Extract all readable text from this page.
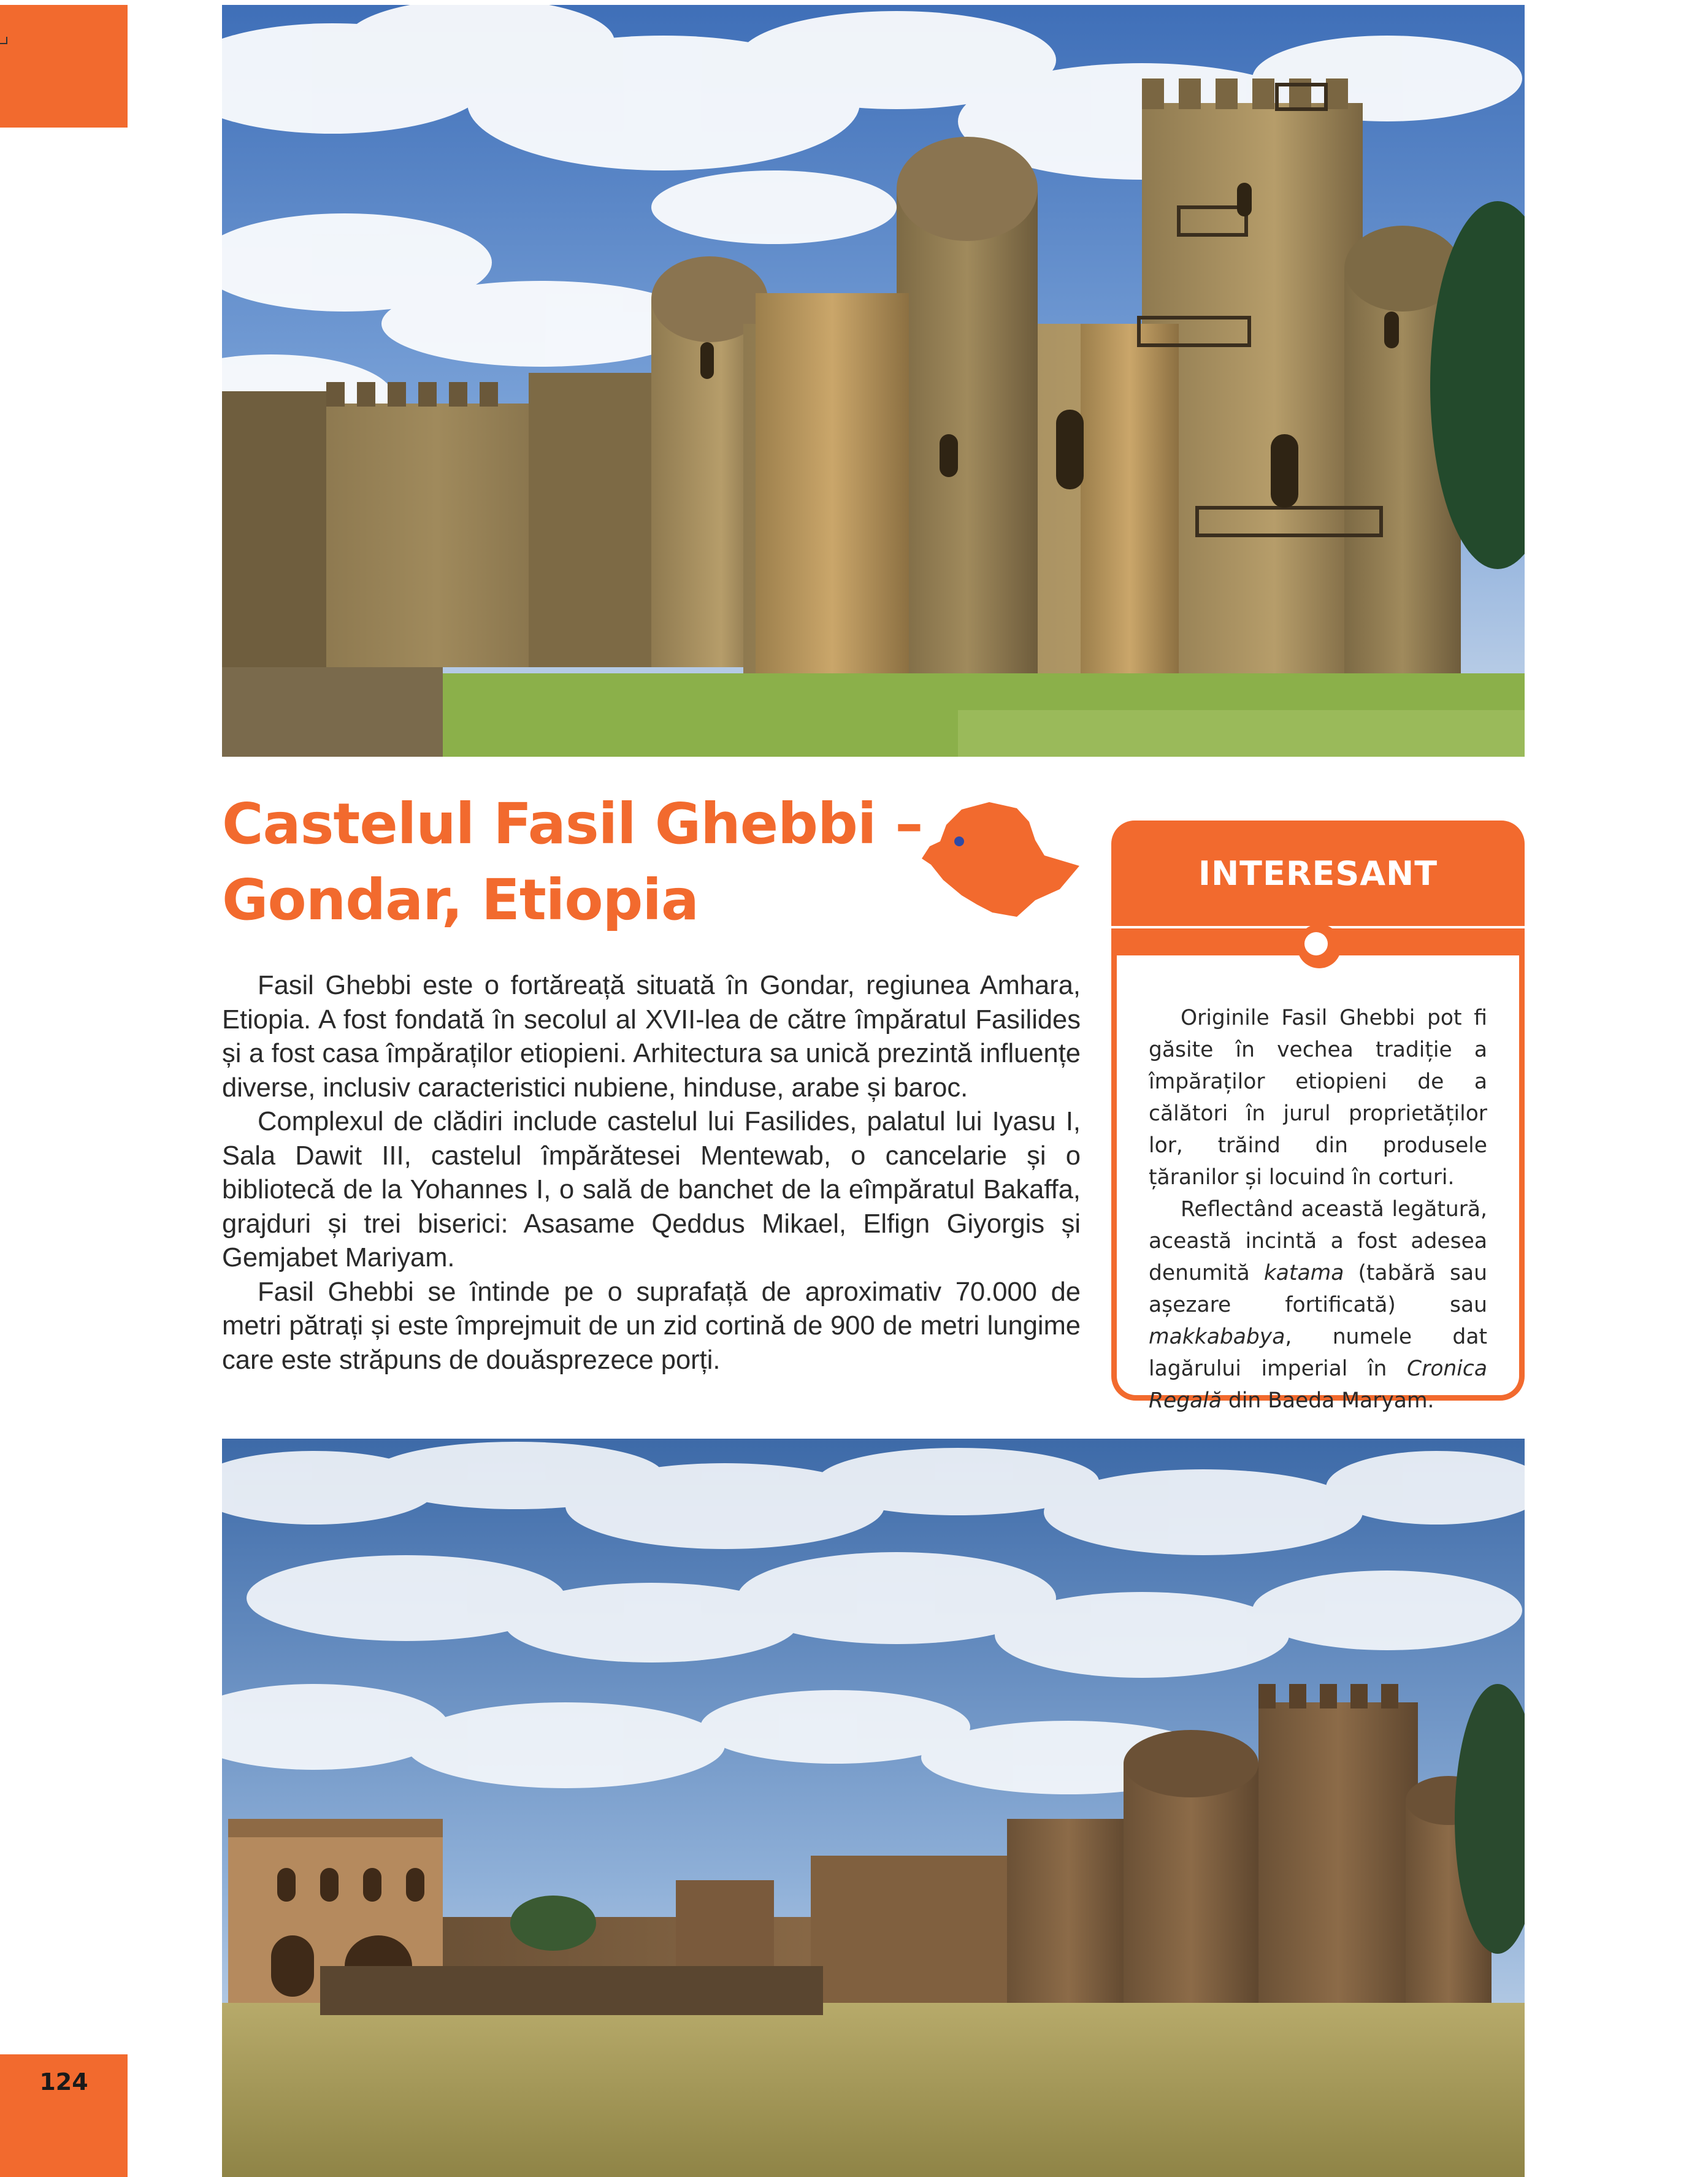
124
Castelul Fasil Ghebbi –
Gondar, Etiopia

Fasil Ghebbi este o fortăreață situată în Gondar, regiunea Amhara, Etiopia. A fost fondată în secolul al XVII-lea de către împăratul Fasilides și a fost casa împăraților etiopieni. Arhitectura sa unică prezintă influențe diverse, inclusiv caracteristici nubiene, hinduse, arabe și baroc.

Complexul de clădiri include castelul lui Fasilides, palatul lui Iyasu I, Sala Dawit III, castelul împărătesei Mentewab, o cancelarie și o bibliotecă de la Yohannes I, o sală de banchet de la eîmpăratul Bakaffa, grajduri și trei biserici: Asasame Qeddus Mikael, Elfign Giyorgis și Gemjabet Mariyam.

Fasil Ghebbi se întinde pe o suprafață de aproximativ 70.000 de metri pătrați și este împrejmuit de un zid cortină de 900 de metri lungime care este străpuns de douăsprezece porți.

INTERESANT

Originile Fasil Ghebbi pot fi găsite în vechea tradiție a împăraților etiopieni de a călători în jurul proprietăților lor, trăind din produsele țăranilor și locuind în corturi.

Reflectând această legătură, această incintă a fost adesea denumită katama (tabără sau așezare fortificată) sau makkababya, numele dat lagărului imperial în Cronica Regală din Baeda Maryam.
